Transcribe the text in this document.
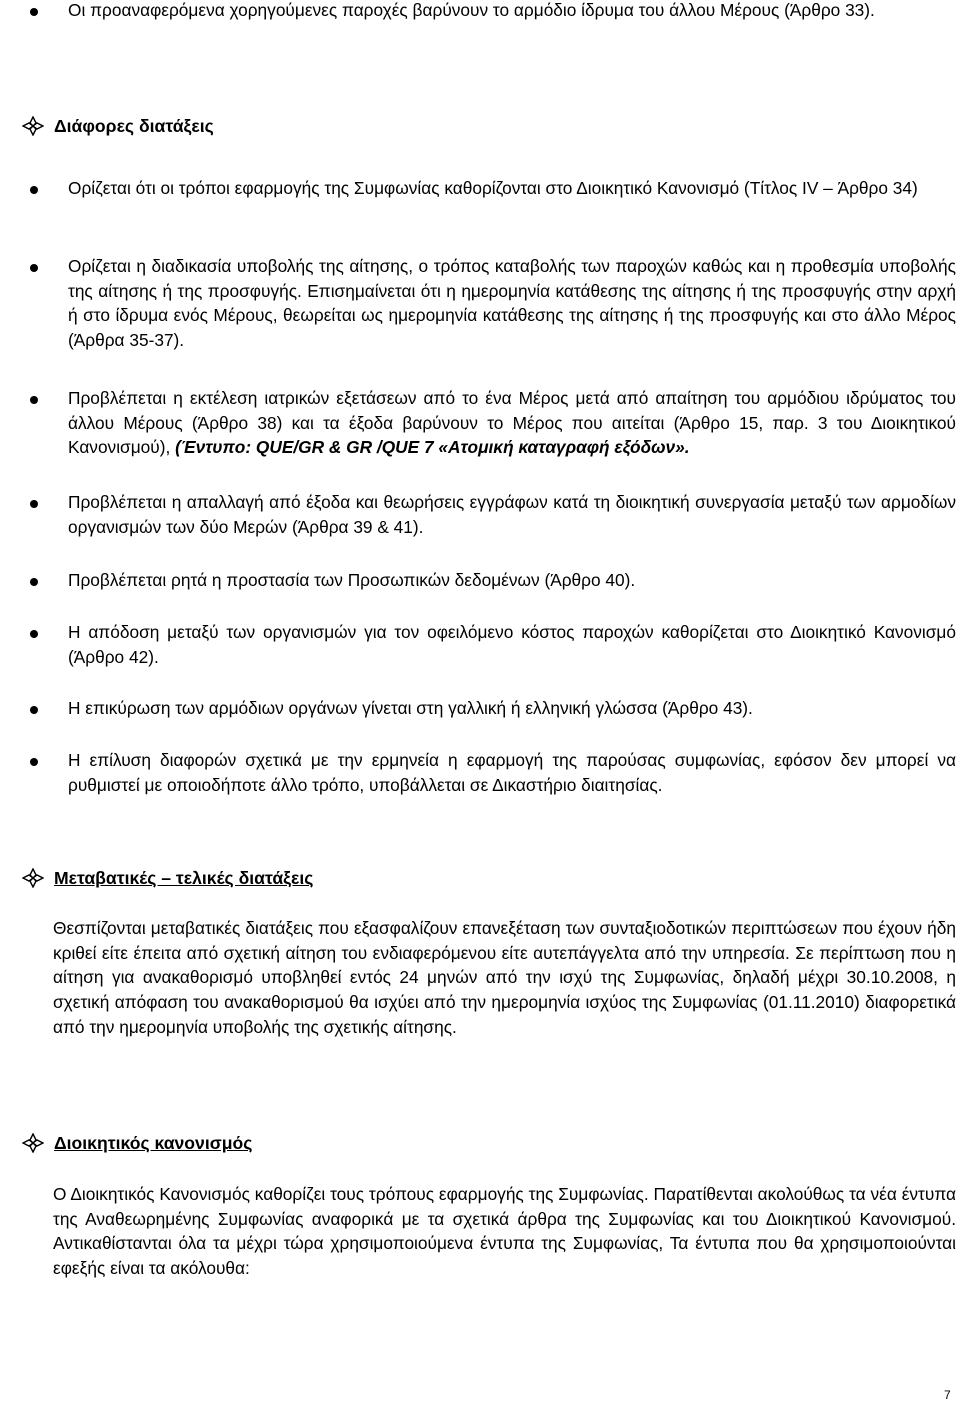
Οι προαναφερόμενα χορηγούμενες παροχές βαρύνουν το αρμόδιο ίδρυμα του άλλου Μέρους (Άρθρο 33).
Διάφορες διατάξεις
Ορίζεται ότι οι τρόποι εφαρμογής της Συμφωνίας καθορίζονται στο Διοικητικό Κανονισμό (Τίτλος IV – Άρθρο 34)
Ορίζεται η διαδικασία υποβολής της αίτησης, ο τρόπος καταβολής των παροχών καθώς και η προθεσμία υποβολής της αίτησης ή της προσφυγής. Επισημαίνεται ότι η ημερομηνία κατάθεσης της αίτησης ή της προσφυγής στην αρχή ή στο ίδρυμα ενός Μέρους, θεωρείται ως ημερομηνία κατάθεσης της αίτησης ή της προσφυγής και στο άλλο Μέρος (Άρθρα 35-37).
Προβλέπεται η εκτέλεση ιατρικών εξετάσεων από το ένα Μέρος μετά από απαίτηση του αρμόδιου ιδρύματος του άλλου Μέρους (Άρθρο 38) και τα έξοδα βαρύνουν το Μέρος που αιτείται (Άρθρο 15, παρ. 3 του Διοικητικού Κανονισμού), (Έντυπο: QUE/GR & GR /QUE 7 «Ατομική καταγραφή εξόδων».
Προβλέπεται η απαλλαγή από έξοδα και θεωρήσεις εγγράφων κατά τη διοικητική συνεργασία μεταξύ των αρμοδίων οργανισμών των δύο Μερών (Άρθρα 39 & 41).
Προβλέπεται ρητά η προστασία των Προσωπικών δεδομένων (Άρθρο 40).
Η απόδοση μεταξύ των οργανισμών για τον οφειλόμενο κόστος παροχών καθορίζεται στο Διοικητικό Κανονισμό (Άρθρο 42).
Η επικύρωση των αρμόδιων οργάνων γίνεται στη γαλλική ή ελληνική γλώσσα (Άρθρο 43).
Η επίλυση διαφορών σχετικά με την ερμηνεία η εφαρμογή της παρούσας συμφωνίας, εφόσον δεν μπορεί να ρυθμιστεί με οποιοδήποτε άλλο τρόπο, υποβάλλεται σε Δικαστήριο διαιτησίας.
Μεταβατικές – τελικές διατάξεις
Θεσπίζονται μεταβατικές διατάξεις που εξασφαλίζουν επανεξέταση των συνταξιοδοτικών περιπτώσεων που έχουν ήδη κριθεί είτε έπειτα από σχετική αίτηση του ενδιαφερόμενου είτε αυτεπάγγελτα από την υπηρεσία. Σε περίπτωση που η αίτηση για ανακαθορισμό υποβληθεί εντός 24 μηνών από την ισχύ της Συμφωνίας, δηλαδή μέχρι 30.10.2008, η σχετική απόφαση του ανακαθορισμού θα ισχύει από την ημερομηνία ισχύος της Συμφωνίας (01.11.2010) διαφορετικά από την ημερομηνία υποβολής της σχετικής αίτησης.
Διοικητικός κανονισμός
Ο Διοικητικός Κανονισμός καθορίζει τους τρόπους εφαρμογής της Συμφωνίας. Παρατίθενται ακολούθως τα νέα έντυπα της Αναθεωρημένης Συμφωνίας αναφορικά με τα σχετικά άρθρα της Συμφωνίας και του Διοικητικού Κανονισμού. Αντικαθίστανται όλα τα μέχρι τώρα χρησιμοποιούμενα έντυπα της Συμφωνίας, Τα έντυπα που θα χρησιμοποιούνται εφεξής είναι τα ακόλουθα:
7
